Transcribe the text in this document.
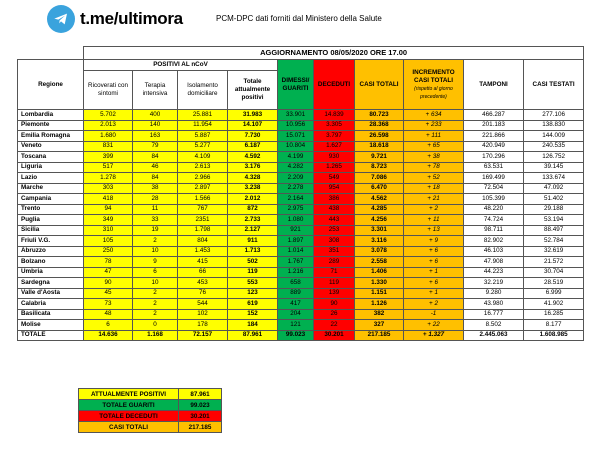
t.me/ultimora	PCM-DPC dati forniti dal Ministero della Salute
	AGGIORNAMENTO 08/05/2020 ORE 17.00									
Regione	POSITIVI AL nCoV				DIMESSI/ GUARITI	DECEDUTI	CASI TOTALI	INCREMENTO CASI TOTALI
(rispetto al giorno precedente)	TAMPONI	CASI TESTATI
	Ricoverati con sintomi	Terapia intensiva	Isolamento domiciliare	Totale attualmente positivi						
Lombardia	5.702	400	25.881	31.983	33.901	14.839	80.723	+ 634	466.287	277.106
Piemonte	2.013	140	11.954	14.107	10.956	3.305	28.368	+ 233	201.183	138.830
Emilia Romagna	1.680	163	5.887	7.730	15.071	3.797	26.598	+ 111	221.866	144.009
Veneto	831	79	5.277	6.187	10.804	1.627	18.618	+ 65	420.949	240.535
Toscana	399	84	4.109	4.592	4.199	930	9.721	+ 38	170.296	126.752
Liguria	517	46	2.613	3.176	4.282	1.265	8.723	+ 78	63.531	39.145
Lazio	1.278	84	2.966	4.328	2.209	549	7.086	+ 52	169.499	133.674
Marche	303	38	2.897	3.238	2.278	954	6.470	+ 18	72.504	47.092
Campania	418	28	1.566	2.012	2.164	386	4.562	+ 21	105.399	51.402
Trento	94	11	767	872	2.975	438	4.285	+ 2	48.220	29.188
Puglia	349	33	2351	2.733	1.080	443	4.256	+ 11	74.724	53.194
Sicilia	310	19	1.798	2.127	921	253	3.301	+ 13	98.711	88.497
Friuli V.G.	105	2	804	911	1.897	308	3.116	+ 9	82.902	52.784
Abruzzo	250	10	1.453	1.713	1.014	351	3.078	+ 6	46.103	32.619
Bolzano	78	9	415	502	1.767	289	2.558	+ 6	47.908	21.572
Umbria	47	6	66	119	1.216	71	1.406	+ 1	44.223	30.704
Sardegna	90	10	453	553	658	119	1.330	+ 6	32.219	28.519
Valle d'Aosta	45	2	76	123	889	139	1.151	+ 1	9.280	6.999
Calabria	73	2	544	619	417	90	1.126	+ 2	43.980	41.902
Basilicata	48	2	102	152	204	26	382	-1	16.777	16.285
Molise	6	0	178	184	121	22	327	+ 22	8.502	8.177
TOTALE	14.636	1.168	72.157	87.961	99.023	30.201	217.185	+ 1.327	2.445.063	1.608.985
ATTUALMENTE POSITIVI	87.961
TOTALE GUARITI	99.023
TOTALE DECEDUTI	30.201
CASI TOTALI	217.185
